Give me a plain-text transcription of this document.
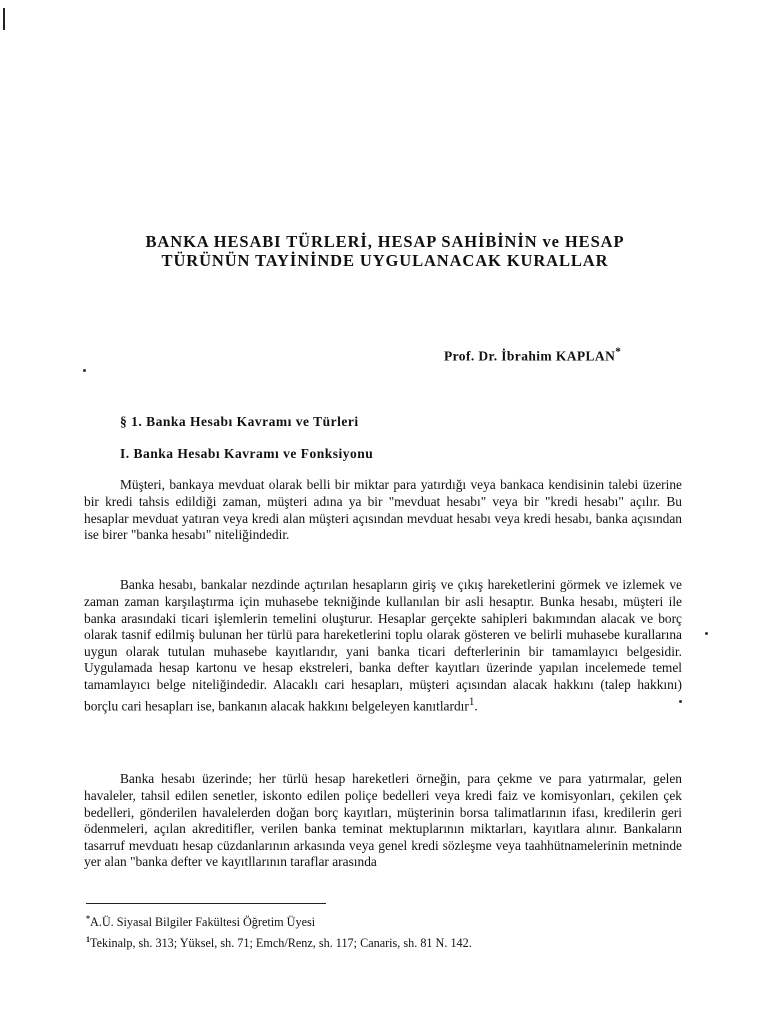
BANKA HESABI TÜRLERİ, HESAP SAHİBİNİN ve HESAP
TÜRÜNÜN TAYİNİNDE UYGULANACAK KURALLAR
Prof. Dr. İbrahim KAPLAN*
§ 1. Banka Hesabı Kavramı ve Türleri
I. Banka Hesabı Kavramı ve Fonksiyonu

Müşteri, bankaya mevduat olarak belli bir miktar para yatırdığı veya bankaca kendisinin talebi üzerine bir kredi tahsis edildiği zaman, müşteri adına ya bir "mevduat hesabı" veya bir "kredi hesabı" açılır. Bu hesaplar mevduat yatıran veya kredi alan müşteri açısından mevduat hesabı veya kredi hesabı, banka açısından ise birer "banka hesabı" niteliğindedir.

Banka hesabı, bankalar nezdinde açtırılan hesapların giriş ve çıkış hareketlerini görmek ve izlemek ve zaman zaman karşılaştırma için muhasebe tekniğinde kullanılan bir asli hesaptır. Bunka hesabı, müşteri ile banka arasındaki ticari işlemlerin temelini oluşturur. Hesaplar gerçekte sahipleri bakımından alacak ve borç olarak tasnif edilmiş bulunan her türlü para hareketlerini toplu olarak gösteren ve belirli muhasebe kurallarına uygun olarak tutulan muhasebe kayıtlarıdır, yani banka ticari defterlerinin bir tamamlayıcı belgesidir. Uygulamada hesap kartonu ve hesap ekstreleri, banka defter kayıtları üzerinde yapılan incelemede temel tamamlayıcı belge niteliğindedir. Alacaklı cari hesapları, müşteri açısından alacak hakkını (talep hakkını) borçlu cari hesapları ise, bankanın alacak hakkını belgeleyen kanıtlardır$^1$.

Banka hesabı üzerinde; her türlü hesap hareketleri örneğin, para çekme ve para yatırmalar, gelen havaleler, tahsil edilen senetler, iskonto edilen poliçe bedelleri veya kredi faiz ve komisyonları, çekilen çek bedelleri, gönderilen havalelerden doğan borç kayıtları, müşterinin borsa talimatlarının ifası, kredilerin geri ödenmeleri, açılan akreditifler, verilen banka teminat mektuplarının miktarları, kayıtlara alınır. Bankaların tasarruf mevduatı hesap cüzdanlarının arkasında veya genel kredi sözleşme veya taahhütnamelerinin metninde yer alan "banka defter ve kayıtllarının taraflar arasında

*A.Ü. Siyasal Bilgiler Fakültesi Öğretim Üyesi
$^1$Tekinalp, sh. 313; Yüksel, sh. 71; Emch/Renz, sh. 117; Canaris, sh. 81 N. 142.
